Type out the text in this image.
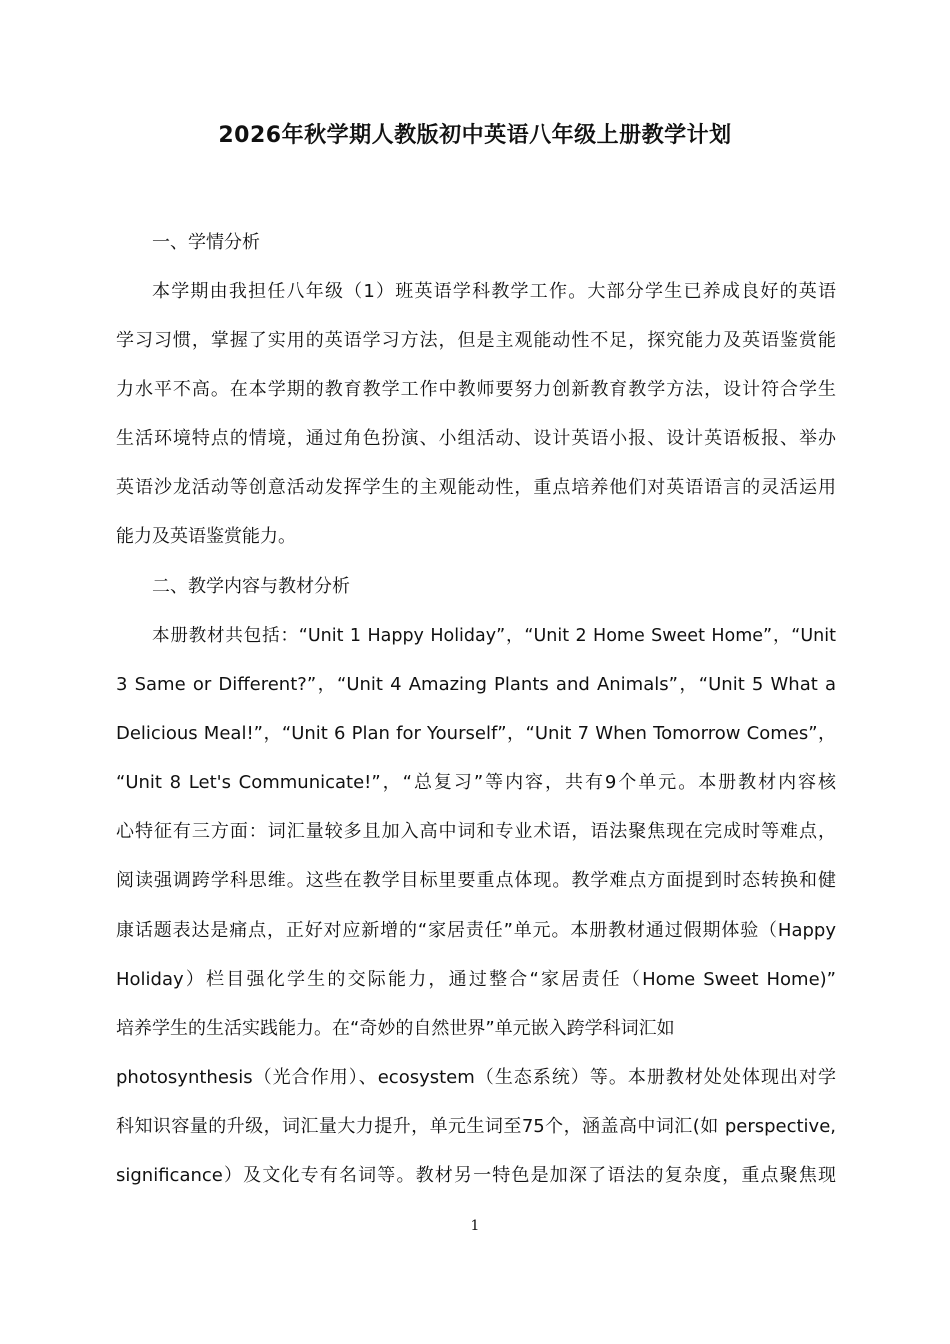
2026年秋学期人教版初中英语八年级上册教学计划
一、学情分析
本学期由我担任八年级（1）班英语学科教学工作。大部分学生已养成良好的英语
学习习惯，掌握了实用的英语学习方法，但是主观能动性不足，探究能力及英语鉴赏能
力水平不高。在本学期的教育教学工作中教师要努力创新教育教学方法，设计符合学生
生活环境特点的情境，通过角色扮演、小组活动、设计英语小报、设计英语板报、举办
英语沙龙活动等创意活动发挥学生的主观能动性，重点培养他们对英语语言的灵活运用
能力及英语鉴赏能力。
二、教学内容与教材分析
本册教材共包括：“Unit 1 Happy Holiday”，“Unit 2 Home Sweet Home”，“Unit
3 Same or Different?”，“Unit 4 Amazing Plants and Animals”，“Unit 5 What a
Delicious Meal!”，“Unit 6 Plan for Yourself”，“Unit 7 When Tomorrow Comes”，
“Unit 8 Let's Communicate!”，“总复习”等内容，共有9个单元。本册教材内容核
心特征有三方面：词汇量较多且加入高中词和专业术语，语法聚焦现在完成时等难点，
阅读强调跨学科思维。这些在教学目标里要重点体现。教学难点方面提到时态转换和健
康话题表达是痛点，正好对应新增的“家居责任”单元。本册教材通过假期体验（Happy
Holiday）栏目强化学生的交际能力，通过整合“家居责任（Home Sweet Home)”
培养学生的生活实践能力。在“奇妙的自然世界”单元嵌入跨学科词汇如
photosynthesis（光合作用）、ecosystem（生态系统）等。本册教材处处体现出对学
科知识容量的升级，词汇量大力提升，单元生词至75个，涵盖高中词汇(如 perspective,
significance）及文化专有名词等。教材另一特色是加深了语法的复杂度，重点聚焦现
1
